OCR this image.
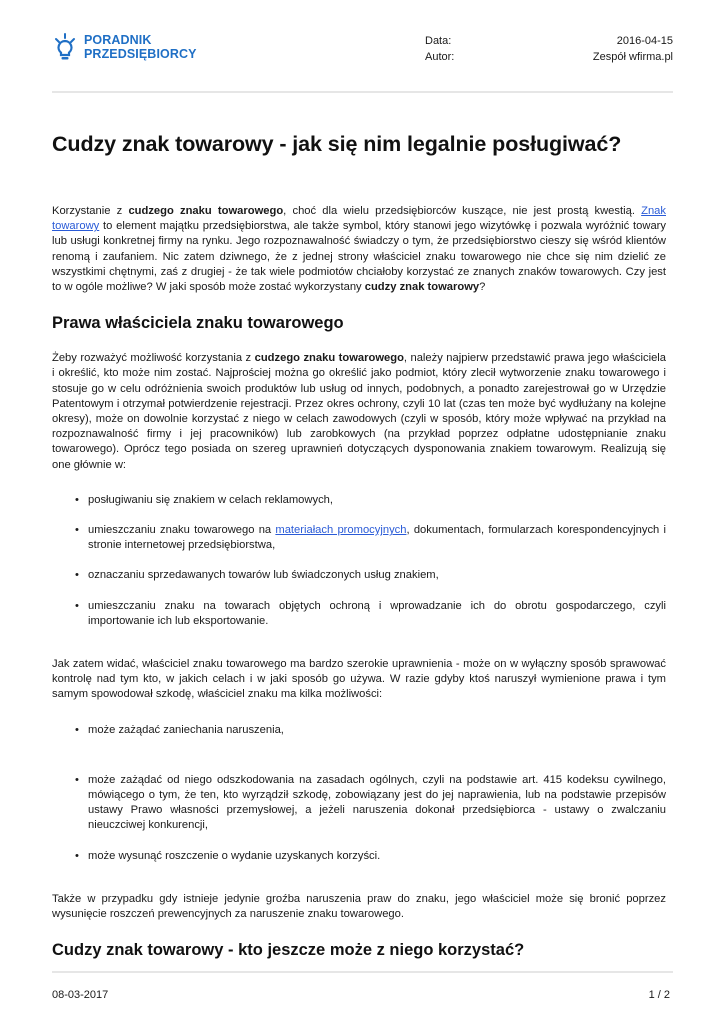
PORADNIK
PRZEDSIĘBIORCY
Data:	2016-04-15
Autor:	Zespół wfirma.pl
Cudzy znak towarowy - jak się nim legalnie posługiwać?

Korzystanie z cudzego znaku towarowego, choć dla wielu przedsiębiorców kuszące, nie jest prostą kwestią. Znak towarowy to element majątku przedsiębiorstwa, ale także symbol, który stanowi jego wizytówkę i pozwala wyróżnić towary lub usługi konkretnej firmy na rynku. Jego rozpoznawalność świadczy o tym, że przedsiębiorstwo cieszy się wśród klientów renomą i zaufaniem. Nic zatem dziwnego, że z jednej strony właściciel znaku towarowego nie chce się nim dzielić ze wszystkimi chętnymi, zaś z drugiej - że tak wiele podmiotów chciałoby korzystać ze znanych znaków towarowych. Czy jest to w ogóle możliwe? W jaki sposób może zostać wykorzystany cudzy znak towarowy?

Prawa właściciela znaku towarowego

Żeby rozważyć możliwość korzystania z cudzego znaku towarowego, należy najpierw przedstawić prawa jego właściciela i określić, kto może nim zostać. Najprościej można go określić jako podmiot, który zlecił wytworzenie znaku towarowego i stosuje go w celu odróżnienia swoich produktów lub usług od innych, podobnych, a ponadto zarejestrował go w Urzędzie Patentowym i otrzymał potwierdzenie rejestracji. Przez okres ochrony, czyli 10 lat (czas ten może być wydłużany na kolejne okresy), może on dowolnie korzystać z niego w celach zawodowych (czyli w sposób, który może wpływać na przykład na rozpoznawalność firmy i jej pracowników) lub zarobkowych (na przykład poprzez odpłatne udostępnianie znaku towarowego). Oprócz tego posiada on szereg uprawnień dotyczących dysponowania znakiem towarowym. Realizują się one głównie w:

• posługiwaniu się znakiem w celach reklamowych,
• umieszczaniu znaku towarowego na materiałach promocyjnych, dokumentach, formularzach korespondencyjnych i stronie internetowej przedsiębiorstwa,
• oznaczaniu sprzedawanych towarów lub świadczonych usług znakiem,
• umieszczaniu znaku na towarach objętych ochroną i wprowadzanie ich do obrotu gospodarczego, czyli importowanie ich lub eksportowanie.

Jak zatem widać, właściciel znaku towarowego ma bardzo szerokie uprawnienia - może on w wyłączny sposób sprawować kontrolę nad tym kto, w jakich celach i w jaki sposób go używa. W razie gdyby ktoś naruszył wymienione prawa i tym samym spowodował szkodę, właściciel znaku ma kilka możliwości:

• może zażądać zaniechania naruszenia,
• może zażądać od niego odszkodowania na zasadach ogólnych, czyli na podstawie art. 415 kodeksu cywilnego, mówiącego o tym, że ten, kto wyrządził szkodę, zobowiązany jest do jej naprawienia, lub na podstawie przepisów ustawy Prawo własności przemysłowej, a jeżeli naruszenia dokonał przedsiębiorca - ustawy o zwalczaniu nieuczciwej konkurencji,
• może wysunąć roszczenie o wydanie uzyskanych korzyści.

Także w przypadku gdy istnieje jedynie groźba naruszenia praw do znaku, jego właściciel może się bronić poprzez wysunięcie roszczeń prewencyjnych za naruszenie znaku towarowego.

Cudzy znak towarowy - kto jeszcze może z niego korzystać?
08-03-2017	1 / 2
